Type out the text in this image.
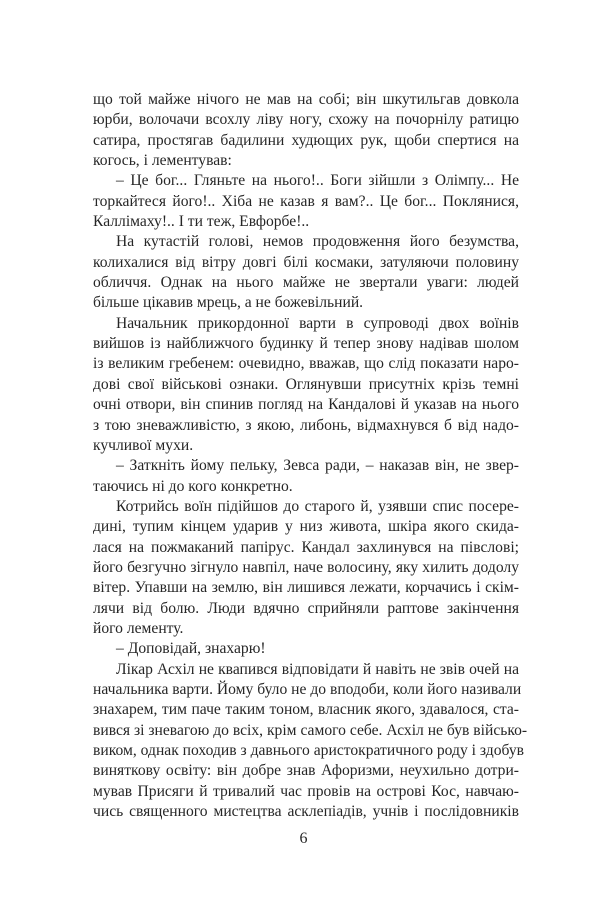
що той майже нічого не мав на собі; він шкутильгав довкола
юрби, волочачи всохлу ліву ногу, схожу на почорнілу ратицю
сатира, простягав бадилини худющих рук, щоби спертися на
когось, і лементував:
– Це бог... Гляньте на нього!.. Боги зійшли з Олімпу... Не
торкайтеся його!.. Хіба не казав я вам?.. Це бог... Поклянися,
Каллімаху!.. І ти теж, Евфорбе!..
На кутастій голові, немов продовження його безумства,
колихалися від вітру довгі білі космаки, затуляючи половину
обличчя. Однак на нього майже не звертали уваги: людей
більше цікавив мрець, а не божевільний.
Начальник прикордонної варти в супроводі двох воїнів
вийшов із найближчого будинку й тепер знову надівав шолом
із великим гребенем: очевидно, вважав, що слід показати наро-
дові свої військові ознаки. Оглянувши присутніх крізь темні
очні отвори, він спинив погляд на Кандалові й указав на нього
з тою зневажливістю, з якою, либонь, відмахнувся б від надо-
кучливої мухи.
– Заткніть йому пельку, Зевса ради, – наказав він, не звер-
таючись ні до кого конкретно.
Котрийсь воїн підійшов до старого й, узявши спис посере-
дині, тупим кінцем ударив у низ живота, шкіра якого скида-
лася на пожмаканий папірус. Кандал захлинувся на півслові;
його безгучно зігнуло навпіл, наче волосину, яку хилить додолу
вітер. Упавши на землю, він лишився лежати, корчачись і скім-
лячи від болю. Люди вдячно сприйняли раптове закінчення
його лементу.
– Доповідай, знахарю!
Лікар Асхіл не квапився відповідати й навіть не звів очей на
начальника варти. Йому було не до вподоби, коли його називали
знахарем, тим паче таким тоном, власник якого, здавалося, ста-
вився зі зневагою до всіх, крім самого себе. Асхіл не був військо-
виком, однак походив з давнього аристократичного роду і здобув
виняткову освіту: він добре знав Афоризми, неухильно дотри-
мував Присяги й тривалий час провів на острові Кос, навчаю-
чись священного мистецтва асклепіадів, учнів і послідовників
6
